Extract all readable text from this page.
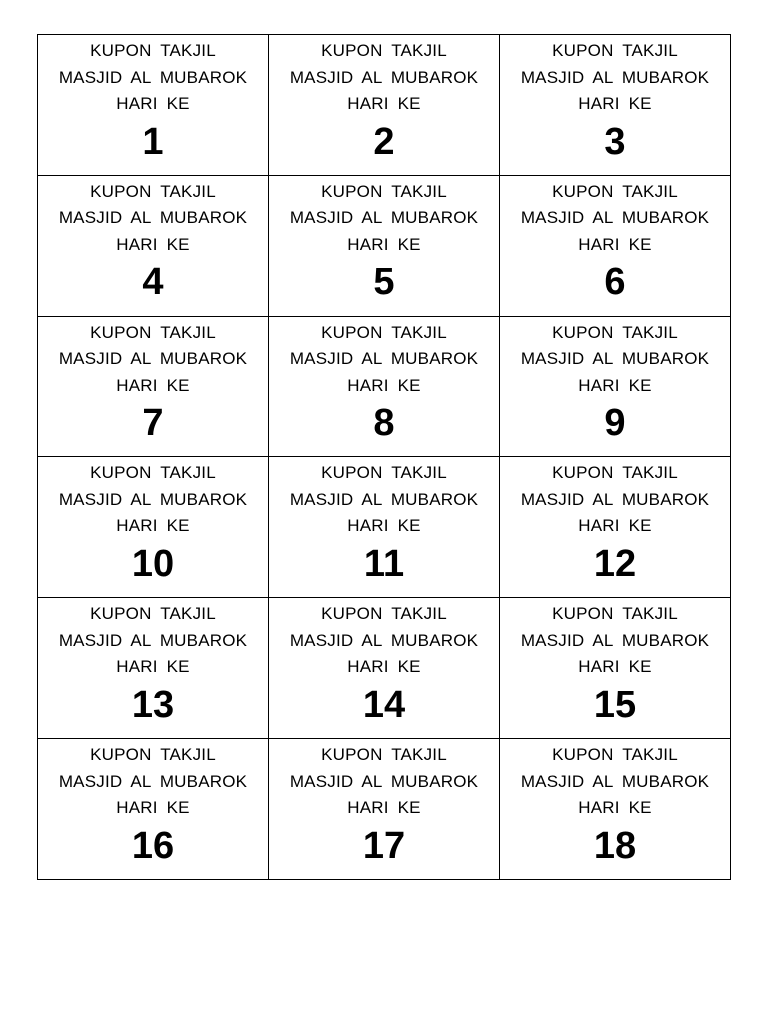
KUPON TAKJIL
MASJID AL MUBAROK
HARI KE
1
KUPON TAKJIL
MASJID AL MUBAROK
HARI KE
2
KUPON TAKJIL
MASJID AL MUBAROK
HARI KE
3
KUPON TAKJIL
MASJID AL MUBAROK
HARI KE
4
KUPON TAKJIL
MASJID AL MUBAROK
HARI KE
5
KUPON TAKJIL
MASJID AL MUBAROK
HARI KE
6
KUPON TAKJIL
MASJID AL MUBAROK
HARI KE
7
KUPON TAKJIL
MASJID AL MUBAROK
HARI KE
8
KUPON TAKJIL
MASJID AL MUBAROK
HARI KE
9
KUPON TAKJIL
MASJID AL MUBAROK
HARI KE
10
KUPON TAKJIL
MASJID AL MUBAROK
HARI KE
11
KUPON TAKJIL
MASJID AL MUBAROK
HARI KE
12
KUPON TAKJIL
MASJID AL MUBAROK
HARI KE
13
KUPON TAKJIL
MASJID AL MUBAROK
HARI KE
14
KUPON TAKJIL
MASJID AL MUBAROK
HARI KE
15
KUPON TAKJIL
MASJID AL MUBAROK
HARI KE
16
KUPON TAKJIL
MASJID AL MUBAROK
HARI KE
17
KUPON TAKJIL
MASJID AL MUBAROK
HARI KE
18
